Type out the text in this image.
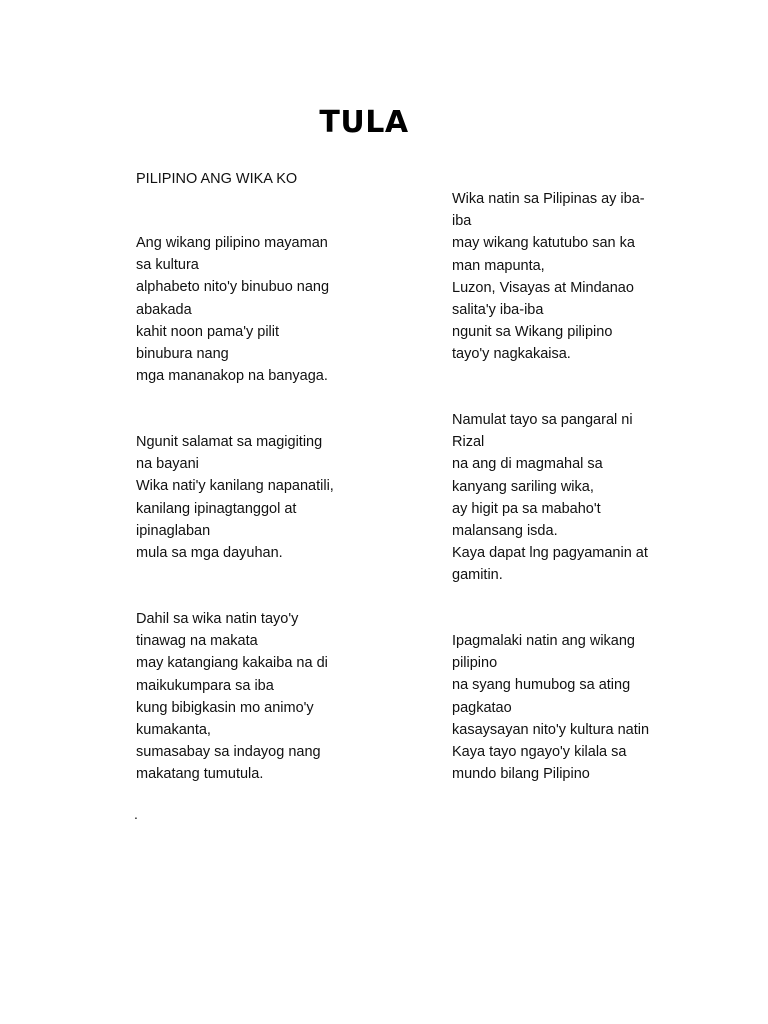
TULA
PILIPINO ANG WIKA KO
Ang wikang pilipino mayaman
sa kultura
alphabeto nito'y binubuo nang
abakada
kahit noon pama'y pilit
binubura nang
mga mananakop na banyaga.
Ngunit salamat sa magigiting
na bayani
Wika nati'y kanilang napanatili,
kanilang ipinagtanggol at
ipinaglaban
mula sa mga dayuhan.
Dahil sa wika natin tayo'y
tinawag na makata
may katangiang kakaiba na di
maikukumpara sa iba
kung bibigkasin mo animo'y
kumakanta,
sumasabay sa indayog nang
makatang tumutula.
Wika natin sa Pilipinas ay iba-
iba
may wikang katutubo san ka
man mapunta,
Luzon, Visayas at Mindanao
salita'y iba-iba
ngunit sa Wikang pilipino
tayo'y nagkakaisa.
Namulat tayo sa pangaral ni
Rizal
na ang di magmahal sa
kanyang sariling wika,
ay higit pa sa mabaho't
malansang isda.
Kaya dapat lng pagyamanin at
gamitin.
Ipagmalaki natin ang wikang
pilipino
na syang humubog sa ating
pagkatao
kasaysayan nito'y kultura natin
Kaya tayo ngayo'y kilala sa
mundo bilang Pilipino
.
